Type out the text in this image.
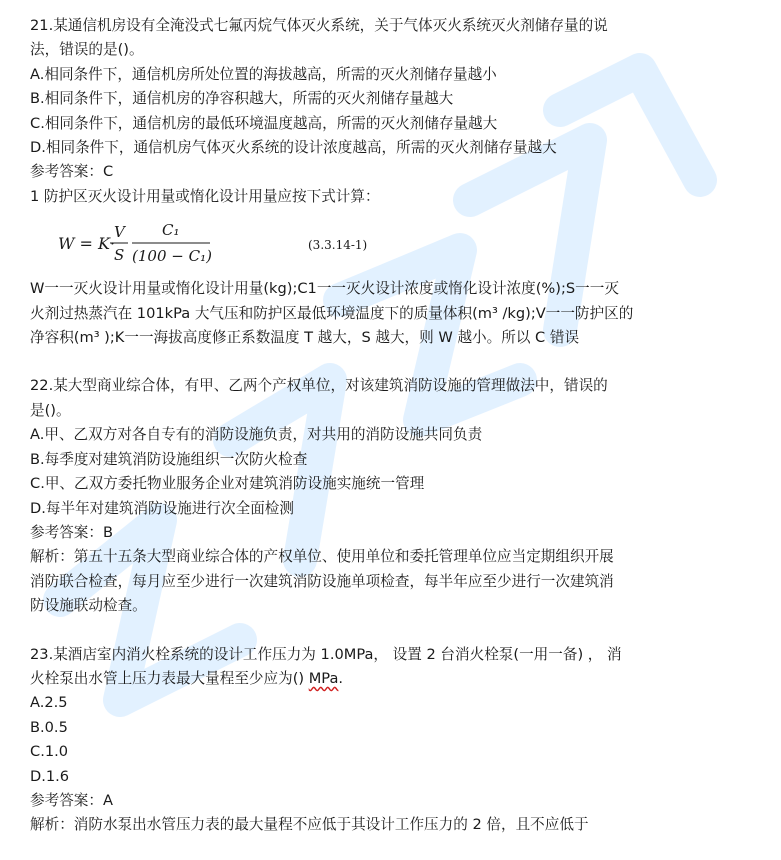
21.某通信机房设有全淹没式七氟丙烷气体灭火系统，关于气体灭火系统灭火剂储存量的说
法，错误的是()。
A.相同条件下，通信机房所处位置的海拔越高，所需的灭火剂储存量越小
B.相同条件下，通信机房的净容积越大，所需的灭火剂储存量越大
C.相同条件下，通信机房的最低环境温度越高，所需的灭火剂储存量越大
D.相同条件下，通信机房气体灭火系统的设计浓度越高，所需的灭火剂储存量越大
参考答案：C
1 防护区灭火设计用量或惰化设计用量应按下式计算：
W = K·
V
S
C₁
(100 − C₁)
(3.3.14-1)
W一一灭火设计用量或惰化设计用量(kg);C1一一灭火设计浓度或惰化设计浓度(%);S一一灭
火剂过热蒸汽在 101kPa 大气压和防护区最低环境温度下的质量体积(m³ /kg);V一一防护区的
净容积(m³ );K一一海拔高度修正系数温度 T 越大，S 越大，则 W 越小。所以 C 错误
22.某大型商业综合体，有甲、乙两个产权单位，对该建筑消防设施的管理做法中，错误的
是()。
A.甲、乙双方对各自专有的消防设施负责，对共用的消防设施共同负责
B.每季度对建筑消防设施组织一次防火检查
C.甲、乙双方委托物业服务企业对建筑消防设施实施统一管理
D.每半年对建筑消防设施进行次全面检测
参考答案：B
解析：第五十五条大型商业综合体的产权单位、使用单位和委托管理单位应当定期组织开展
消防联合检查，每月应至少进行一次建筑消防设施单项检查，每半年应至少进行一次建筑消
防设施联动检查。
23.某酒店室内消火栓系统的设计工作压力为 1.0MPa， 设置 2 台消火栓泵(一用一备) ， 消
火栓泵出水管上压力表最大量程至少应为() MPa.
A.2.5
B.0.5
C.1.0
D.1.6
参考答案：A
解析：消防水泵出水管压力表的最大量程不应低于其设计工作压力的 2 倍，且不应低于
